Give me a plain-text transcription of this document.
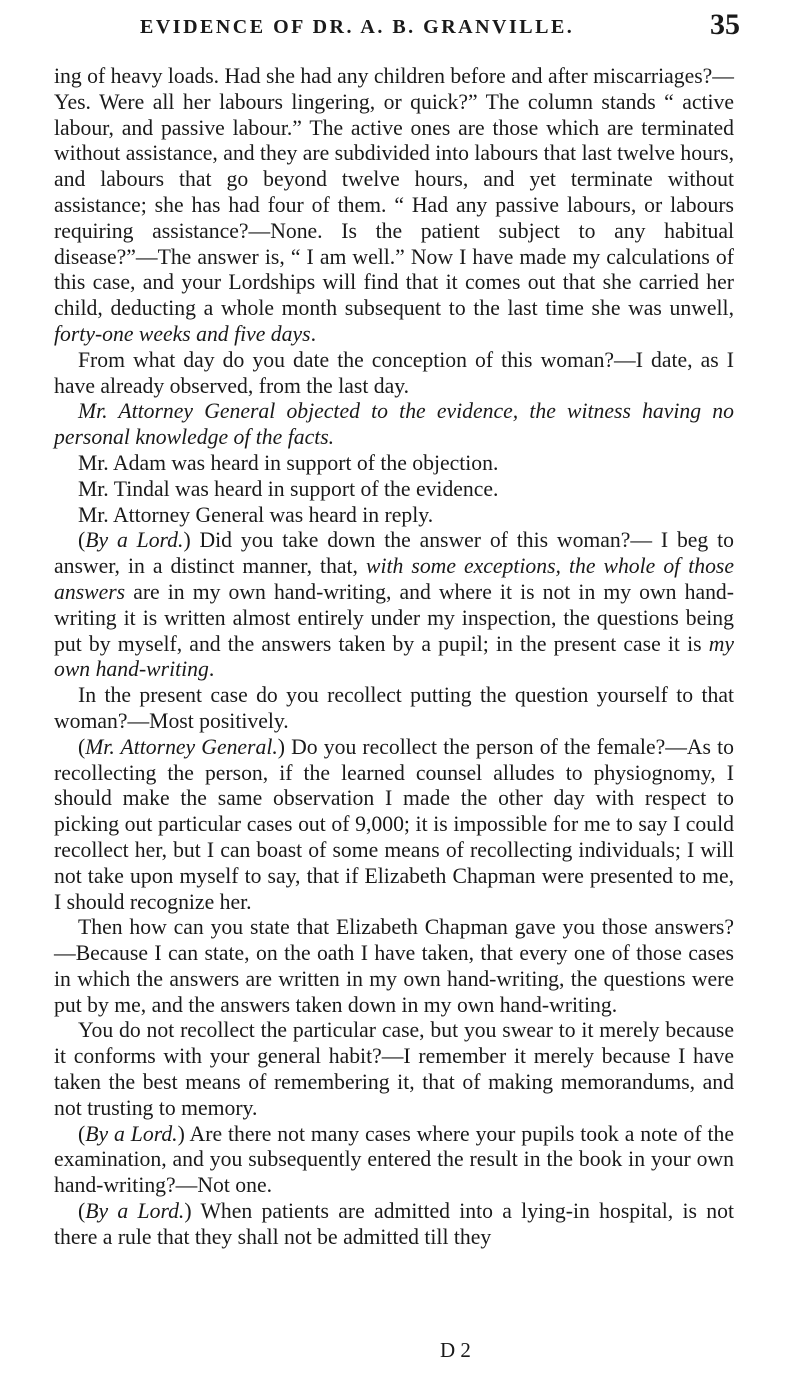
EVIDENCE OF DR. A. B. GRANVILLE.	35

ing of heavy loads. Had she had any children before and after miscarriages?—Yes. Were all her labours lingering, or quick?” The column stands “ active labour, and passive labour.” The active ones are those which are terminated without assistance, and they are subdivided into labours that last twelve hours, and labours that go beyond twelve hours, and yet terminate without assistance; she has had four of them. “ Had any passive labours, or labours requiring assistance?—None. Is the patient subject to any habitual disease?”—The answer is, “ I am well.” Now I have made my calculations of this case, and your Lordships will find that it comes out that she carried her child, deducting a whole month subsequent to the last time she was unwell, forty-one weeks and five days.

From what day do you date the conception of this woman?—I date, as I have already observed, from the last day.

Mr. Attorney General objected to the evidence, the witness having no personal knowledge of the facts.

Mr. Adam was heard in support of the objection.

Mr. Tindal was heard in support of the evidence.

Mr. Attorney General was heard in reply.

(By a Lord.) Did you take down the answer of this woman?— I beg to answer, in a distinct manner, that, with some exceptions, the whole of those answers are in my own hand-writing, and where it is not in my own hand-writing it is written almost entirely under my inspection, the questions being put by myself, and the answers taken by a pupil; in the present case it is my own hand-writing.

In the present case do you recollect putting the question yourself to that woman?—Most positively.

(Mr. Attorney General.) Do you recollect the person of the female?—As to recollecting the person, if the learned counsel alludes to physiognomy, I should make the same observation I made the other day with respect to picking out particular cases out of 9,000; it is impossible for me to say I could recollect her, but I can boast of some means of recollecting individuals; I will not take upon myself to say, that if Elizabeth Chapman were presented to me, I should recognize her.

Then how can you state that Elizabeth Chapman gave you those answers?—Because I can state, on the oath I have taken, that every one of those cases in which the answers are written in my own hand-writing, the questions were put by me, and the answers taken down in my own hand-writing.

You do not recollect the particular case, but you swear to it merely because it conforms with your general habit?—I remember it merely because I have taken the best means of remembering it, that of making memorandums, and not trusting to memory.

(By a Lord.) Are there not many cases where your pupils took a note of the examination, and you subsequently entered the result in the book in your own hand-writing?—Not one.

(By a Lord.) When patients are admitted into a lying-in hospital, is not there a rule that they shall not be admitted till they

D 2
